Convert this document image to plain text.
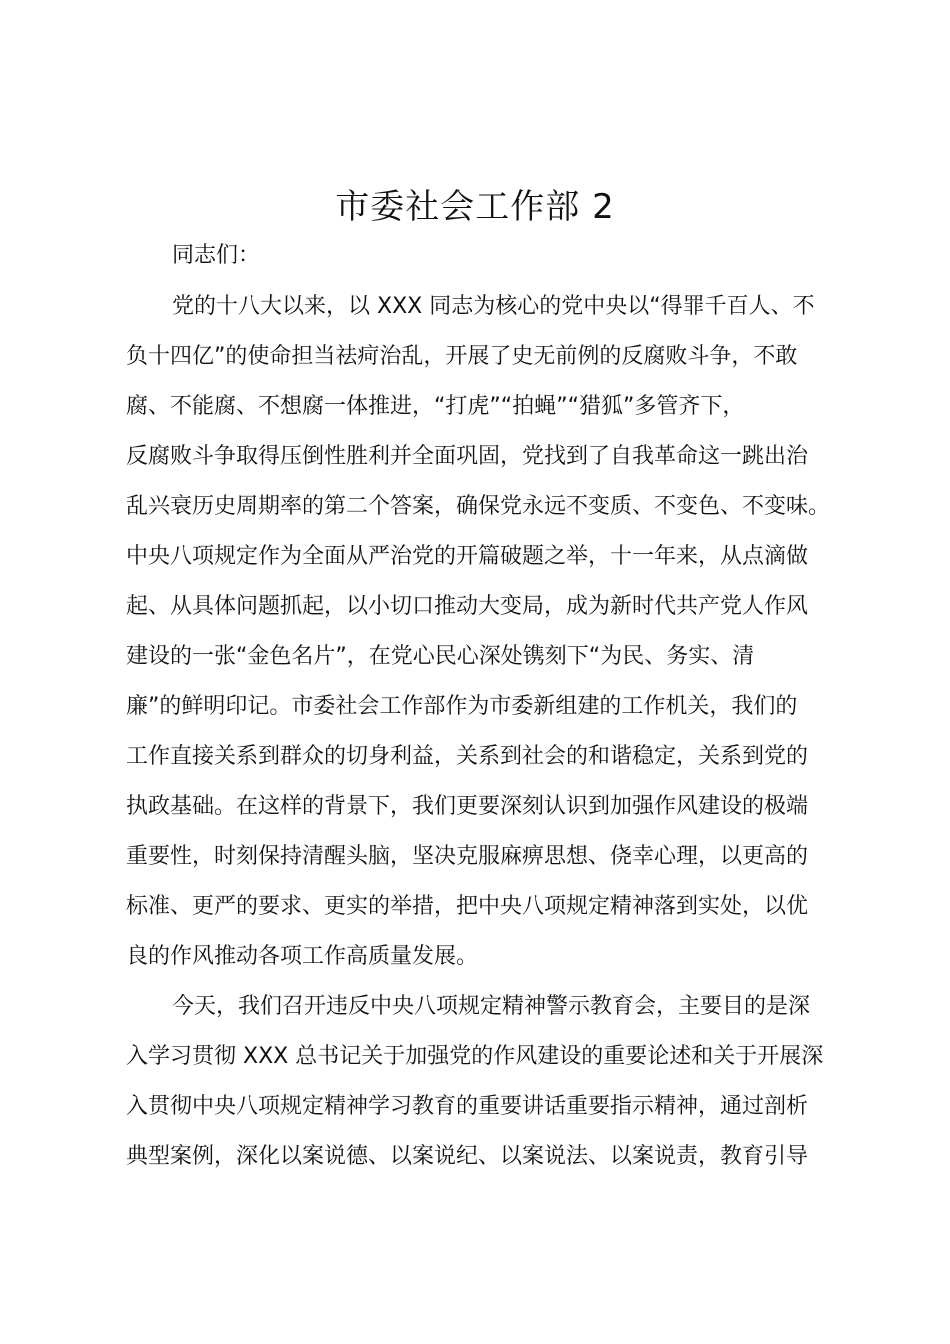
市委社会工作部 2
同志们：
党的十八大以来，以 XXX 同志为核心的党中央以“得罪千百人、不
负十四亿”的使命担当祛疴治乱，开展了史无前例的反腐败斗争，不敢
腐、不能腐、不想腐一体推进，“打虎”“拍蝇”“猎狐”多管齐下，
反腐败斗争取得压倒性胜利并全面巩固，党找到了自我革命这一跳出治
乱兴衰历史周期率的第二个答案，确保党永远不变质、不变色、不变味。
中央八项规定作为全面从严治党的开篇破题之举，十一年来，从点滴做
起、从具体问题抓起，以小切口推动大变局，成为新时代共产党人作风
建设的一张“金色名片”，在党心民心深处镌刻下“为民、务实、清
廉”的鲜明印记。市委社会工作部作为市委新组建的工作机关，我们的
工作直接关系到群众的切身利益，关系到社会的和谐稳定，关系到党的
执政基础。在这样的背景下，我们更要深刻认识到加强作风建设的极端
重要性，时刻保持清醒头脑，坚决克服麻痹思想、侥幸心理，以更高的
标准、更严的要求、更实的举措，把中央八项规定精神落到实处，以优
良的作风推动各项工作高质量发展。
今天，我们召开违反中央八项规定精神警示教育会，主要目的是深
入学习贯彻 XXX 总书记关于加强党的作风建设的重要论述和关于开展深
入贯彻中央八项规定精神学习教育的重要讲话重要指示精神，通过剖析
典型案例，深化以案说德、以案说纪、以案说法、以案说责，教育引导
